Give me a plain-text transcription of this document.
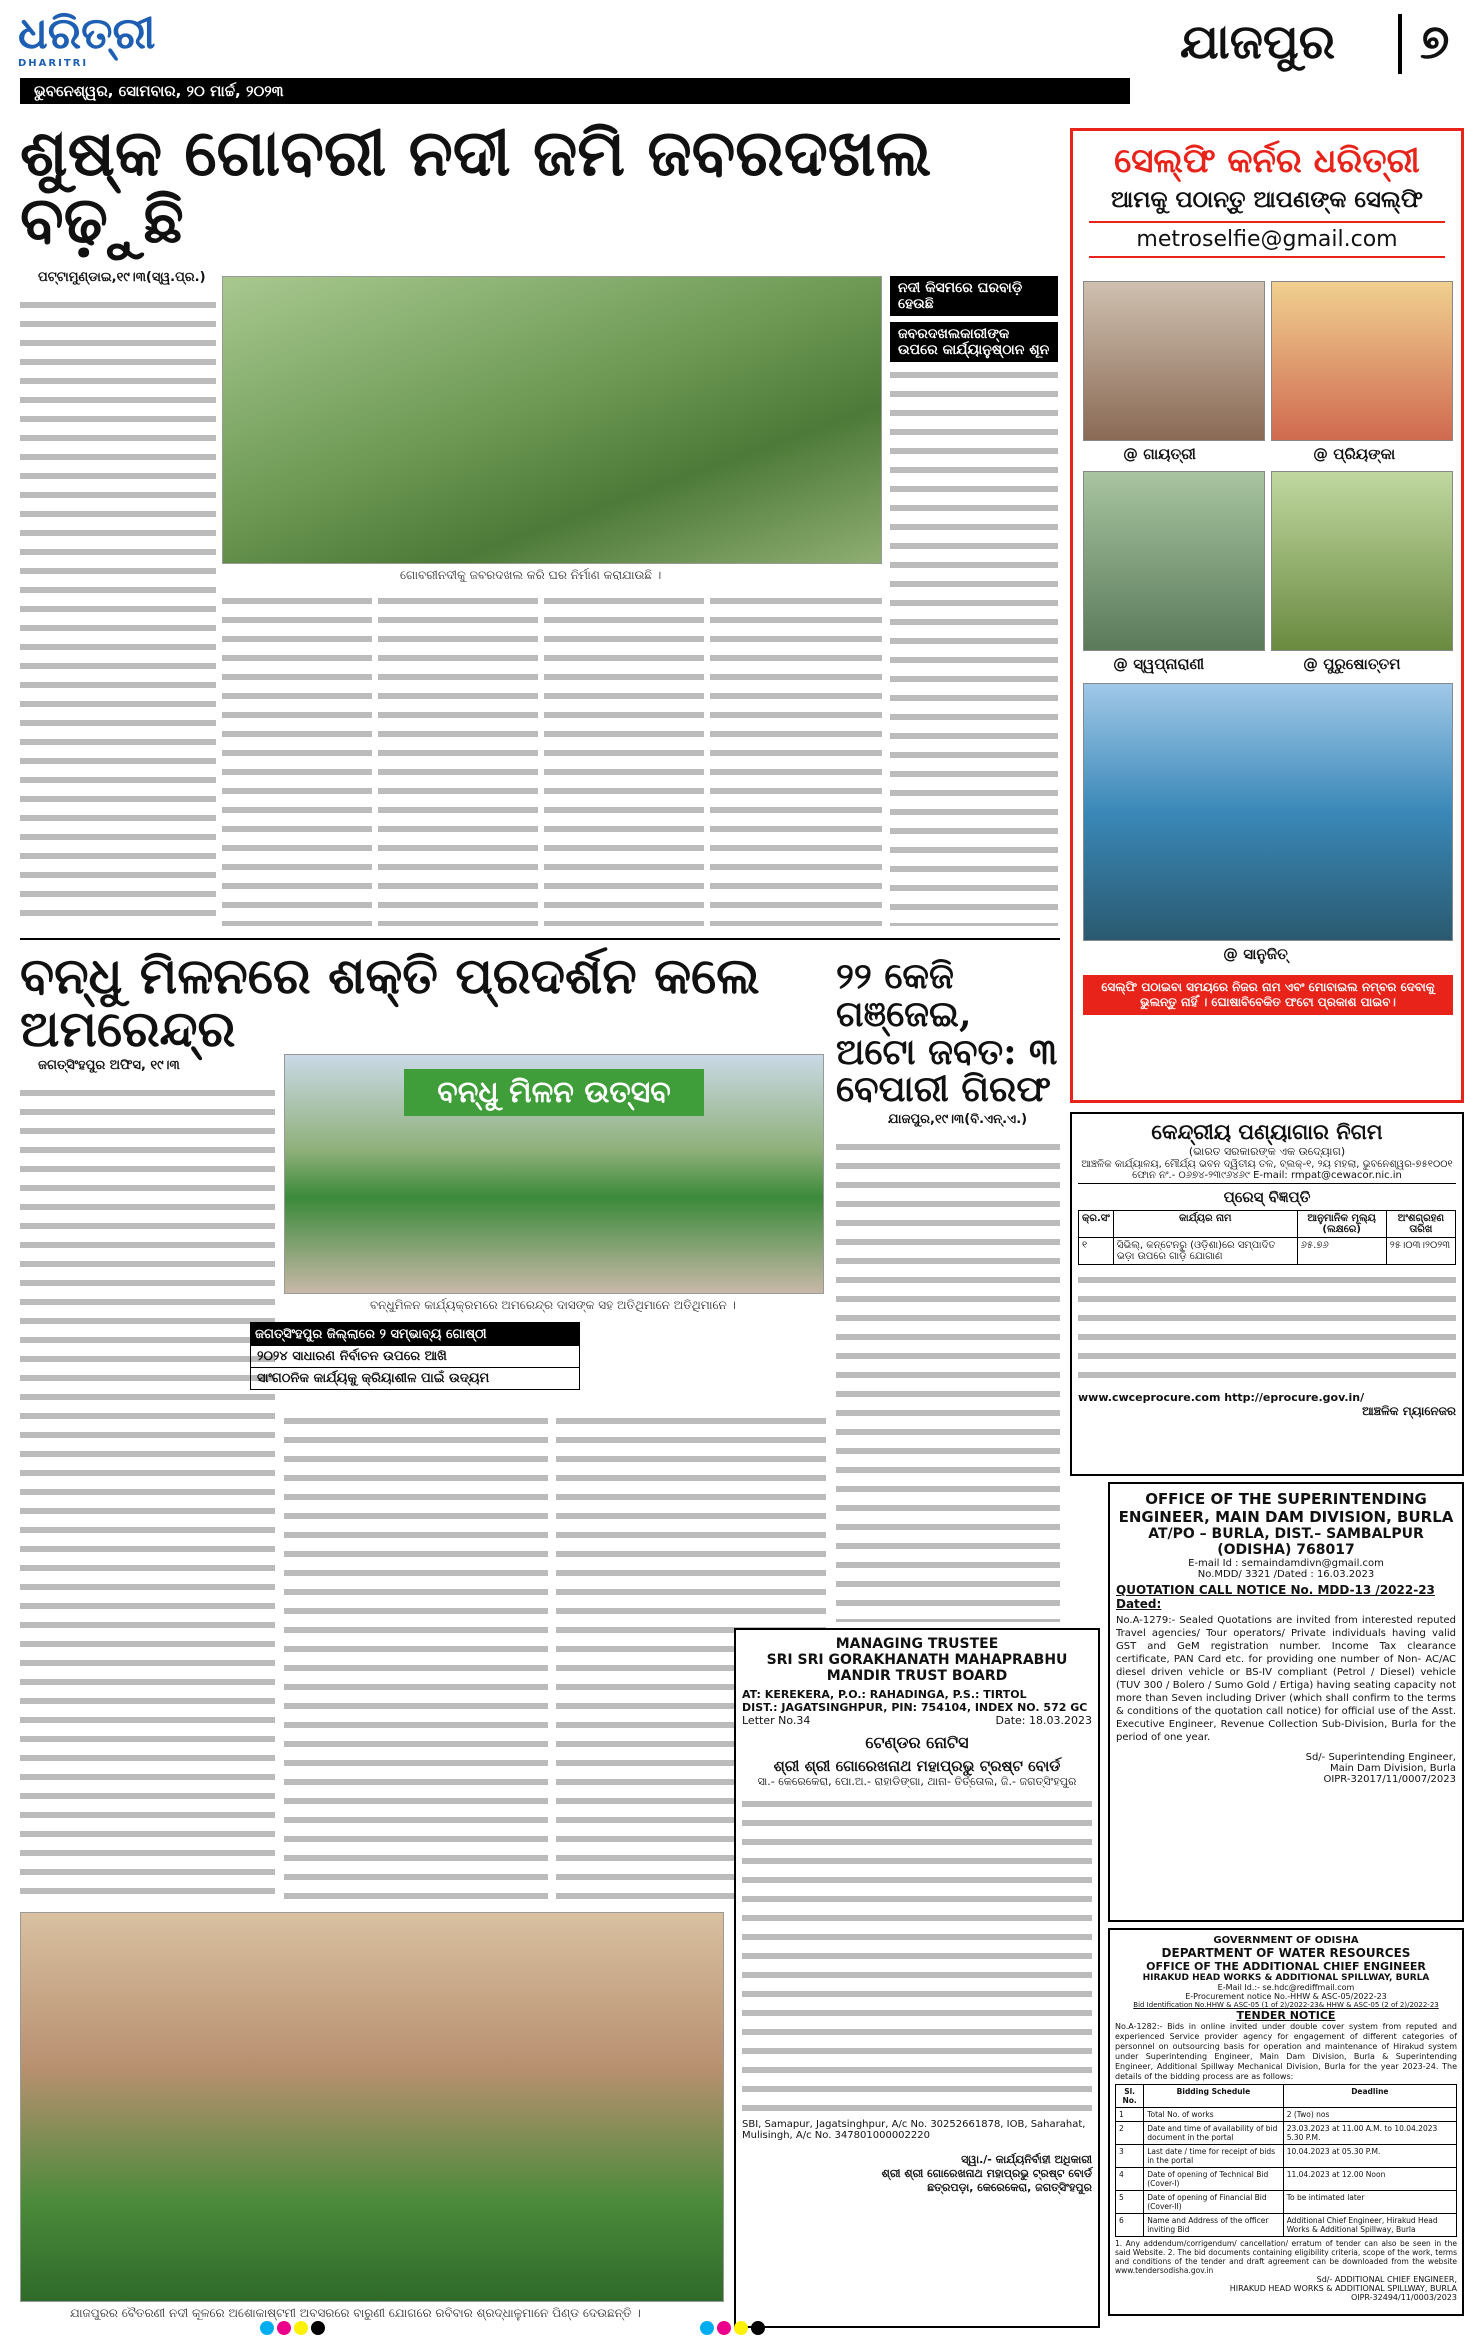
ଧରିତ୍ରୀ
DHARITRI
ଭୁବନେଶ୍ୱର, ସୋମବାର, ୨୦ ମାର୍ଚ୍ଚ, ୨୦୨୩
ଯାଜପୁର ୭
ଶୁଷ୍କ ଗୋବରୀ ନଦୀ ଜମି ଜବରଦଖଲ ବଢ଼ୁଛି
ପଟ୍ଟାମୁଣ୍ଡାଇ,୧୯।୩(ସ୍ୱ.ପ୍ର.)
ଗୋବରୀନଦୀକୁ ଜବରଦଖଲ କରି ଘର ନିର୍ମାଣ କରାଯାଉଛି ।
ନଦୀ କିସମରେ ଘରବାଡ଼ି ହେଉଛି
ଜବରଦଖଲକାରୀଙ୍କ ଉପରେ କାର୍ଯ୍ୟାନୁଷ୍ଠାନ ଶୂନ
ବନ୍ଧୁ ମିଳନରେ ଶକ୍ତି ପ୍ରଦର୍ଶନ କଲେ ଅମରେନ୍ଦ୍ର
ଜଗତ୍‌ସିଂହପୁର ଅଫିସ, ୧୯।୩
ବନ୍ଧୁ ମିଳନ ଉତ୍ସବ
ବନ୍ଧୁମିଳନ କାର୍ଯ୍ୟକ୍ରମରେ ଅମରେନ୍ଦ୍ର ଦାସଙ୍କ ସହ ଅତିଥିମାନେ ଅତିଥିମାନେ ।
ଜଗତ୍‌ସିଂହପୁର ଜିଲ୍ଲାରେ ୨ ସମ୍ଭାବ୍ୟ ଗୋଷ୍ଠୀ
୨୦୨୪ ସାଧାରଣ ନିର୍ବାଚନ ଉପରେ ଆଖି
ସାଂଗଠନିକ କାର୍ଯ୍ୟକୁ କ୍ରିୟାଶୀଳ ପାଇଁ ଉଦ୍ୟମ
୨୨ କେଜି ଗଞ୍ଜେଇ, ଅଟୋ ଜବତ: ୩ ବେପାରୀ ଗିରଫ
ଯାଜପୁର,୧୯।୩(ବି.ଏନ୍.ଏ.)
ଯାଜପୁରର ବୈତରଣୀ ନଦୀ କୂଳରେ ଅଶୋକାଷ୍ଟମୀ ଅବସରରେ ବାରୁଣୀ ଯୋଗରେ ରବିବାର ଶ୍ରଦ୍ଧାଳୁମାନେ ପିଣ୍ଡ ଦେଉଛନ୍ତି ।
ସେଲ୍ଫି କର୍ନର ଧରିତ୍ରୀ
ଆମକୁ ପଠାନ୍ତୁ ଆପଣଙ୍କ ସେଲ୍‌ଫି
metroselfie@gmail.com
@ ଗାୟତ୍ରୀ	@ ପ୍ରିୟଙ୍କା
@ ସ୍ୱପ୍ନାରାଣୀ	@ ପୁରୁଷୋତ୍ତମ
@ ସାନୁଜିତ୍
ସେଲ୍‌ଫି ପଠାଇବା ସମୟରେ ନିଜର ନାମ ଏବଂ ମୋବାଇଲ ନମ୍ବର ଦେବାକୁ ଭୁଲନ୍ତୁ ନାହିଁ । ଘୋଷାବିବେକିତ ଫଟୋ ପ୍ରକାଶ ପାଇବ।
କେନ୍ଦ୍ରୀୟ ପଣ୍ୟାଗାର ନିଗମ
(ଭାରତ ସରକାରଙ୍କ ଏକ ଉଦ୍ୟୋଗ)
ଆଞ୍ଚଳିକ କାର୍ଯ୍ୟାଳୟ, ମୌର୍ଯ୍ୟ ଭବନ ଦ୍ୱିତୀୟ ତଳ, ବ୍ଲକ୍-୧, ୨ୟ ମହଲା, ଭୁବନେଶ୍ୱର-୭୫୧୦୦୧
ଫୋନ ନଂ.- ୦୬୭୪-୨୩୯୬୪୬୯ E-mail: rmpat@cewacor.nic.in
ପ୍ରେସ୍ ବିଜ୍ଞପ୍ତି
କ୍ର.ସଂ	କାର୍ଯ୍ୟର ନାମ	ଆନୁମାନିକ ମୂଲ୍ୟ (ଲକ୍ଷରେ)	ଅଂଶଗ୍ରହଣ ତାରିଖ
୧	ସିଭିଲ୍, କନ୍ଟେନରୁ (ଓଡ଼ିଶା)ରେ ସମ୍ପାଦିତ ଭଡ଼ା ଉପରେ ଗାଡ଼ି ଯୋଗାଣ	୬୫.୭୬	୨୫।୦୩।୨୦୨୩
www.cwceprocure.com http://eprocure.gov.in/
ଆଞ୍ଚଳିକ ମ୍ୟାନେଜର
OFFICE OF THE SUPERINTENDING ENGINEER, MAIN DAM DIVISION, BURLA
AT/PO – BURLA, DIST.– SAMBALPUR (ODISHA) 768017
E-mail Id : semaindamdivn@gmail.com
No.MDD/ 3321 /Dated : 16.03.2023
QUOTATION CALL NOTICE No. MDD-13 /2022-23 Dated:
No.A-1279:- Sealed Quotations are invited from interested reputed Travel agencies/ Tour operators/ Private individuals having valid GST and GeM registration number. Income Tax clearance certificate, PAN Card etc. for providing one number of Non- AC/AC diesel driven vehicle or BS-IV compliant (Petrol / Diesel) vehicle (TUV 300 / Bolero / Sumo Gold / Ertiga) having seating capacity not more than Seven including Driver (which shall confirm to the terms & conditions of the quotation call notice) for official use of the Asst. Executive Engineer, Revenue Collection Sub-Division, Burla for the period of one year.
Sd/- Superintending Engineer,
Main Dam Division, Burla
OIPR-32017/11/0007/2023
GOVERNMENT OF ODISHA
DEPARTMENT OF WATER RESOURCES
OFFICE OF THE ADDITIONAL CHIEF ENGINEER
HIRAKUD HEAD WORKS & ADDITIONAL SPILLWAY, BURLA
E-Mail Id.:- se.hdc@rediffmail.com
E-Procurement notice No.-HHW & ASC-05/2022-23
Bid Identification No.HHW & ASC-05 (1 of 2)/2022-23& HHW & ASC-05 (2 of 2)/2022-23
TENDER NOTICE
No.A-1282:- Bids in online invited under double cover system from reputed and experienced Service provider agency for engagement of different categories of personnel on outsourcing basis for operation and maintenance of Hirakud system under Superintending Engineer, Main Dam Division, Burla & Superintending Engineer, Additional Spillway Mechanical Division, Burla for the year 2023-24. The details of the bidding process are as follows:
Sl. No.	Bidding Schedule	Deadline
1	Total No. of works	2 (Two) nos
2	Date and time of availability of bid document in the portal	23.03.2023 at 11.00 A.M. to 10.04.2023 5.30 P.M.
3	Last date / time for receipt of bids in the portal	10.04.2023 at 05.30 P.M.
4	Date of opening of Technical Bid (Cover-I)	11.04.2023 at 12.00 Noon
5	Date of opening of Financial Bid (Cover-II)	To be intimated later
6	Name and Address of the officer inviting Bid	Additional Chief Engineer, Hirakud Head Works & Additional Spillway, Burla
1. Any addendum/corrigendum/ cancellation/ erratum of tender can also be seen in the said Website. 2. The bid documents containing eligibility criteria, scope of the work, terms and conditions of the tender and draft agreement can be downloaded from the website www.tendersodisha.gov.in
Sd/- ADDITIONAL CHIEF ENGINEER,
HIRAKUD HEAD WORKS & ADDITIONAL SPILLWAY, BURLA
OIPR-32494/11/0003/2023
MANAGING TRUSTEE
SRI SRI GORAKHANATH MAHAPRABHU
MANDIR TRUST BOARD
AT: KEREKERA, P.O.: RAHADINGA, P.S.: TIRTOL
DIST.: JAGATSINGHPUR, PIN: 754104, INDEX NO. 572 GC
Letter No.34	Date: 18.03.2023
ଟେଣ୍ଡର ନୋଟିସ
ଶ୍ରୀ ଶ୍ରୀ ଗୋରେଖନାଥ ମହାପ୍ରଭୁ ଟ୍ରଷ୍ଟ ବୋର୍ଡ
ସା.- କେରେକେରା, ପୋ.ଅ.- ରାହାଡିଙ୍ଗା, ଥାନା- ତିର୍ତ୍ତୋଲ, ଜି.- ଜଗତ୍‌ସିଂହପୁର
SBI, Samapur, Jagatsinghpur, A/c No. 30252661878, IOB, Saharahat, Mulisingh, A/c No. 347801000002220
ସ୍ୱା./- କାର୍ଯ୍ୟନିର୍ବାହୀ ଅଧିକାରୀ
ଶ୍ରୀ ଶ୍ରୀ ଗୋରେଖନାଥ ମହାପ୍ରଭୁ ଟ୍ରଷ୍ଟ ବୋର୍ଡ
ଛତ୍ରପଡ଼ା, କେରେକେରା, ଜଗତ୍‌ସିଂହପୁର
